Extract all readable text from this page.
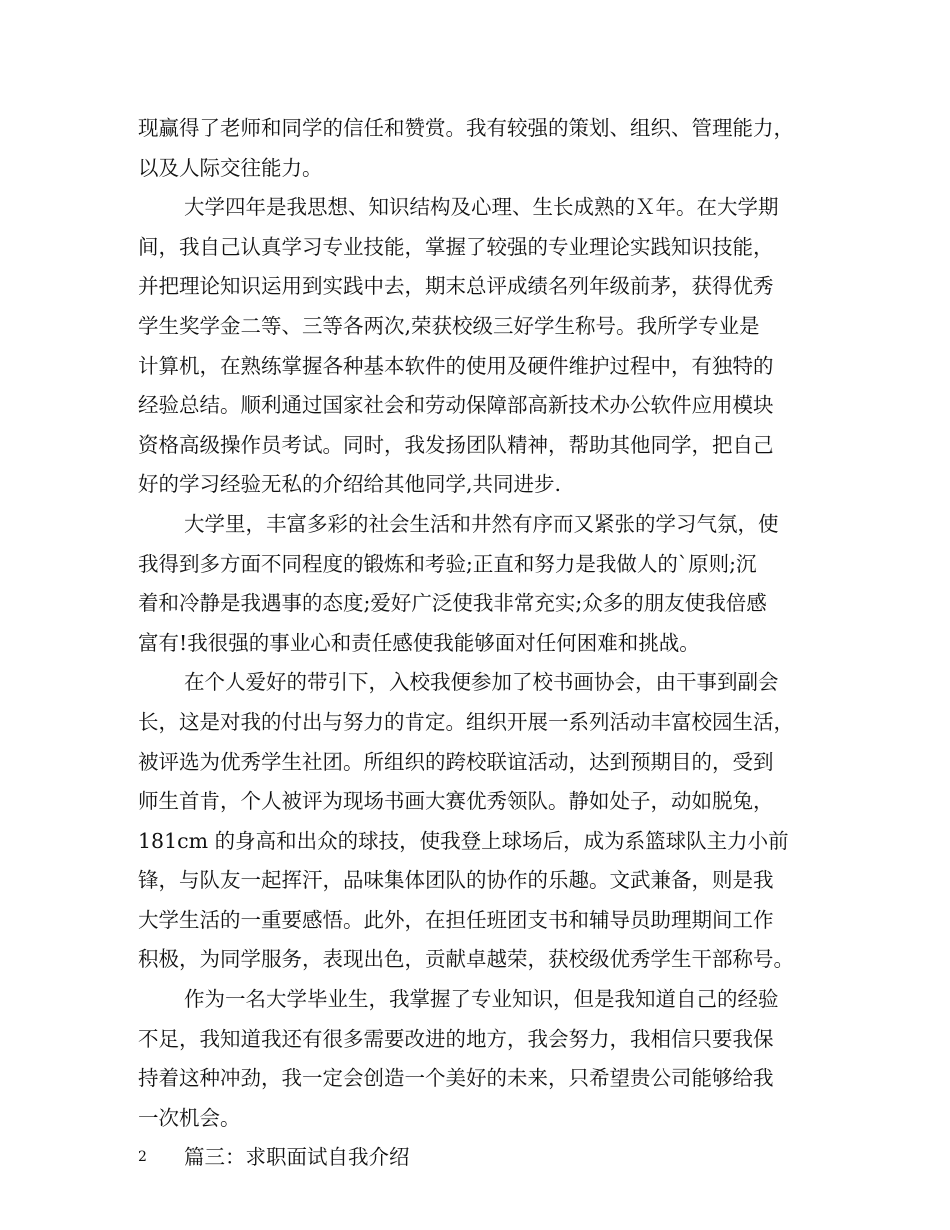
现赢得了老师和同学的信任和赞赏。我有较强的策划、组织、管理能力，
以及人际交往能力。
大学四年是我思想、知识结构及心理、生长成熟的Ｘ年。在大学期
间，我自己认真学习专业技能，掌握了较强的专业理论实践知识技能，
并把理论知识运用到实践中去，期末总评成绩名列年级前茅，获得优秀
学生奖学金二等、三等各两次,荣获校级三好学生称号。我所学专业是
计算机，在熟练掌握各种基本软件的使用及硬件维护过程中，有独特的
经验总结。顺利通过国家社会和劳动保障部高新技术办公软件应用模块
资格高级操作员考试。同时，我发扬团队精神，帮助其他同学，把自己
好的学习经验无私的介绍给其他同学,共同进步.
大学里，丰富多彩的社会生活和井然有序而又紧张的学习气氛，使
我得到多方面不同程度的锻炼和考验;正直和努力是我做人的`原则;沉
着和冷静是我遇事的态度;爱好广泛使我非常充实;众多的朋友使我倍感
富有!我很强的事业心和责任感使我能够面对任何困难和挑战。
在个人爱好的带引下，入校我便参加了校书画协会，由干事到副会
长，这是对我的付出与努力的肯定。组织开展一系列活动丰富校园生活，
被评选为优秀学生社团。所组织的跨校联谊活动，达到预期目的，受到
师生首肯，个人被评为现场书画大赛优秀领队。静如处子，动如脱兔，
181cm 的身高和出众的球技，使我登上球场后，成为系篮球队主力小前
锋，与队友一起挥汗，品味集体团队的协作的乐趣。文武兼备，则是我
大学生活的一重要感悟。此外，在担任班团支书和辅导员助理期间工作
积极，为同学服务，表现出色，贡献卓越荣，获校级优秀学生干部称号。
作为一名大学毕业生，我掌握了专业知识，但是我知道自己的经验
不足，我知道我还有很多需要改进的地方，我会努力，我相信只要我保
持着这种冲劲，我一定会创造一个美好的未来，只希望贵公司能够给我
一次机会。
篇三：求职面试自我介绍
2
